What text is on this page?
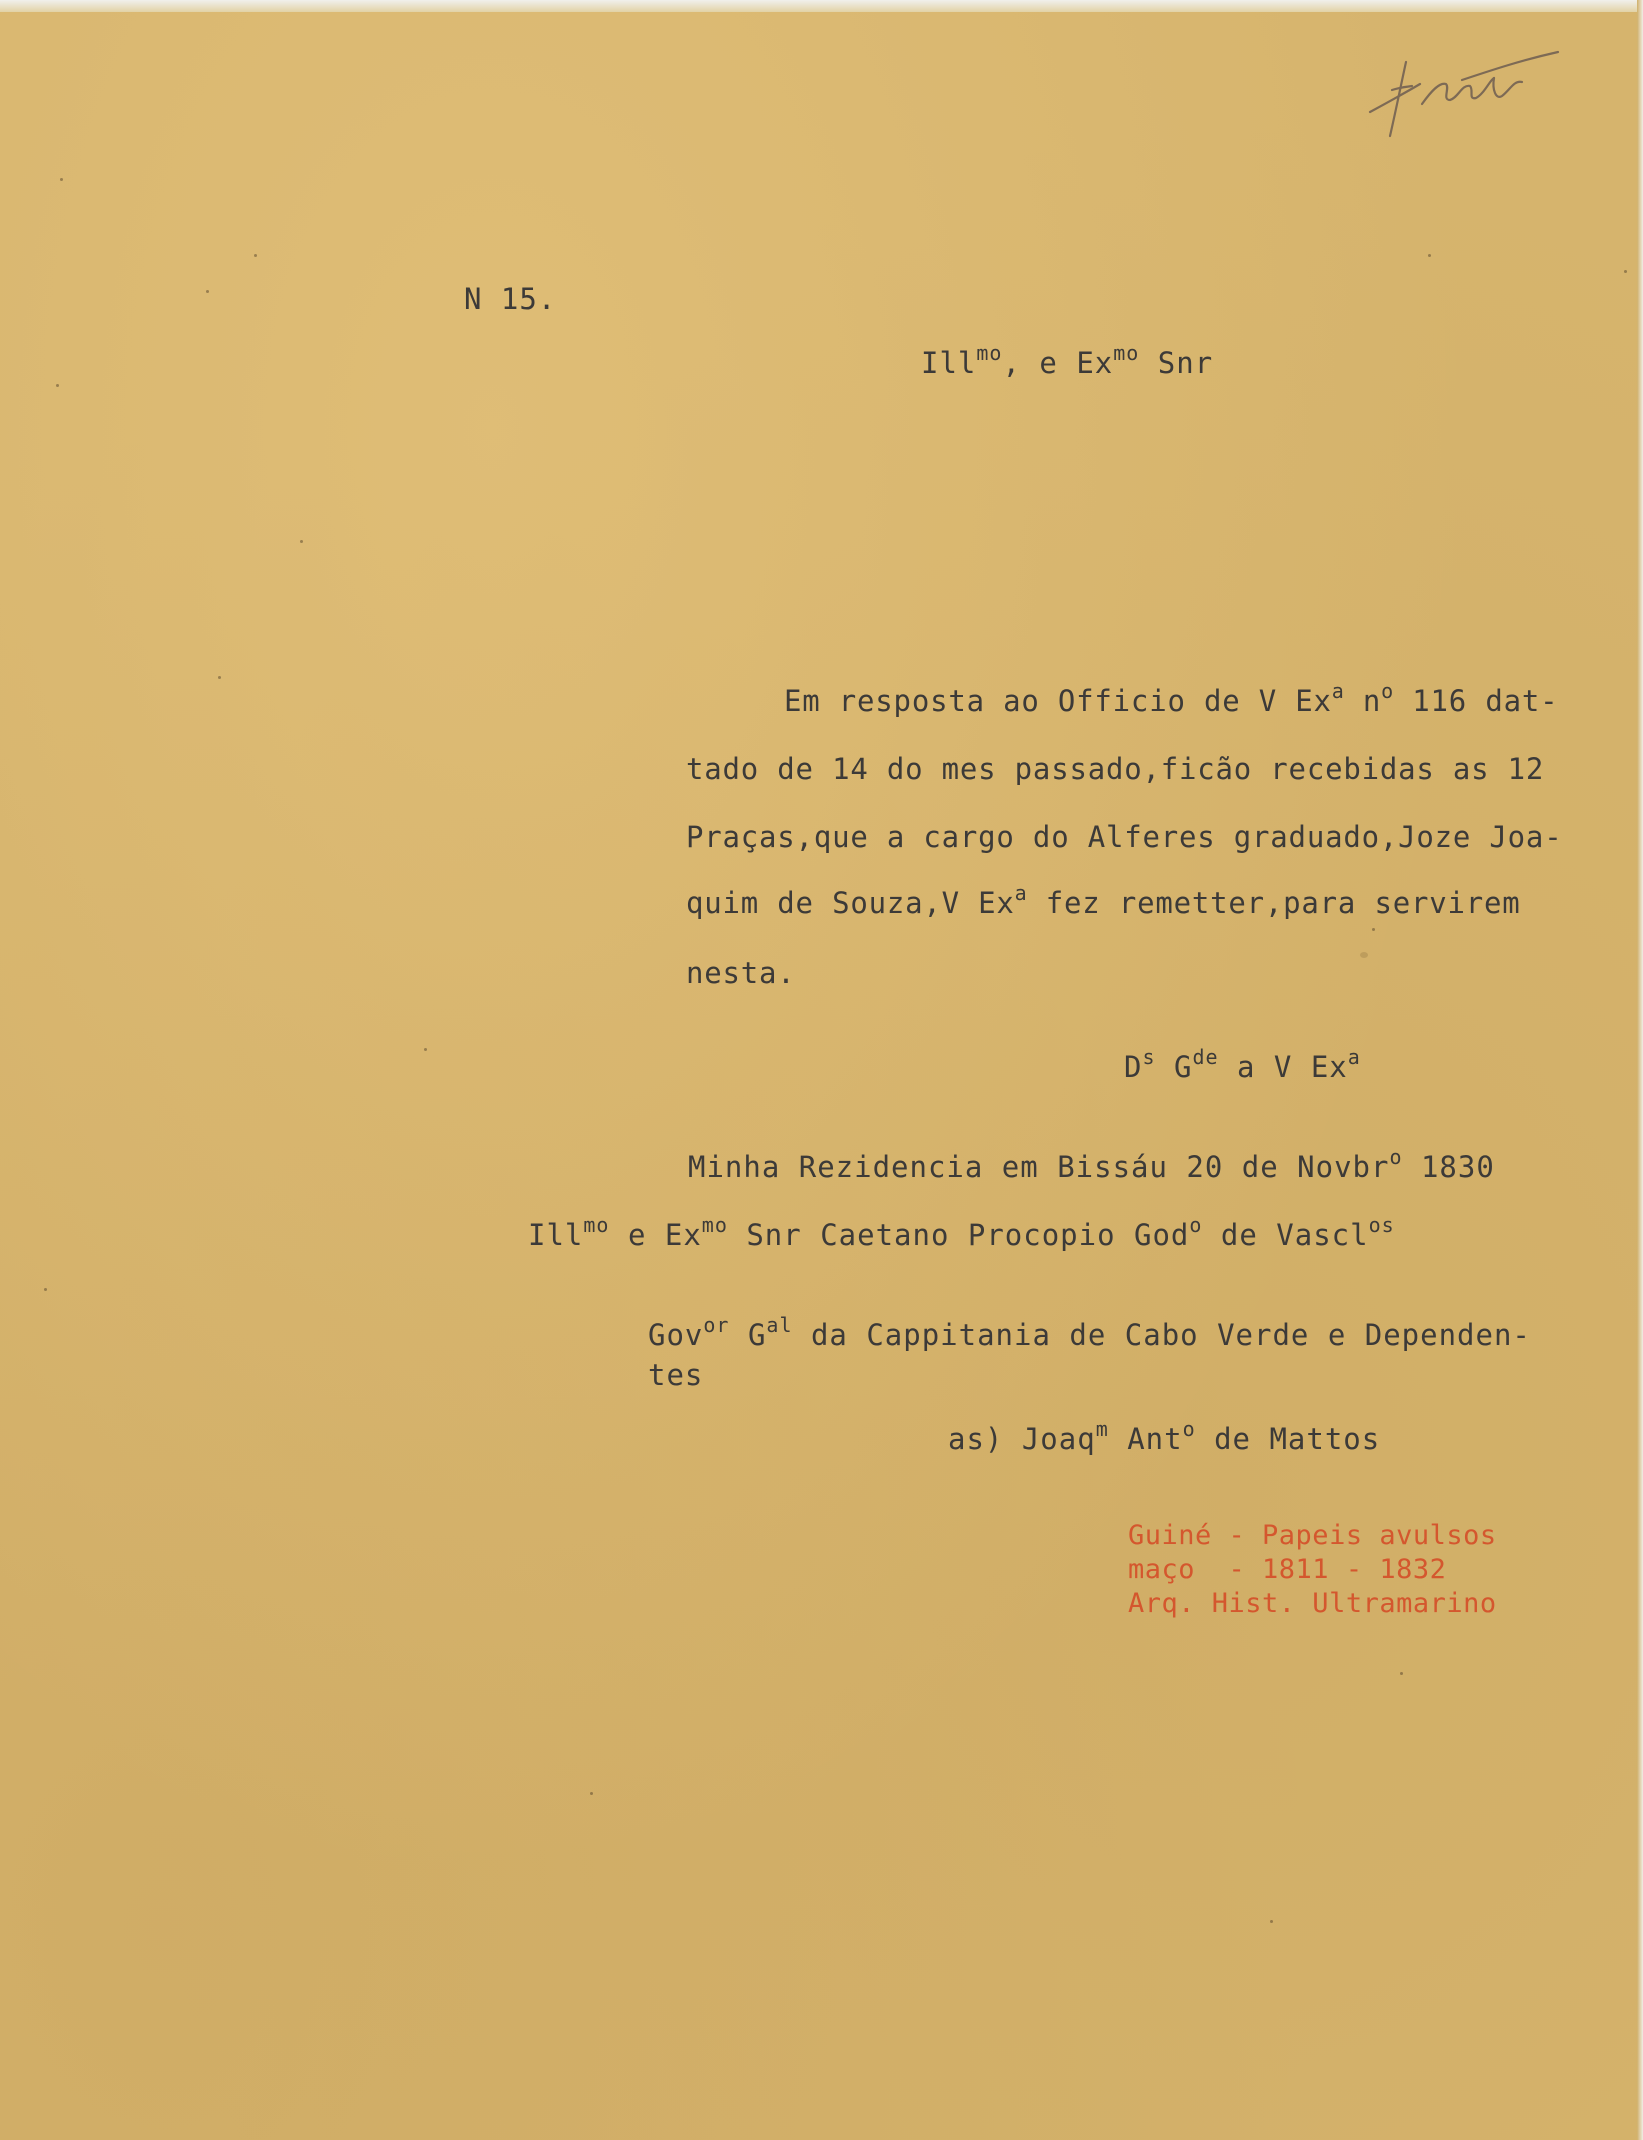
N 15.

Ill$^{mo}$, e $Ex^{mo}$ Snr

Em resposta ao Officio de V Ex$^a$ $n^o$ 116 dat-

tado de 14 do mes passado,ficão recebidas as 12

Praças,que a cargo do Alferes graduado,Joze Joa-

quim de Souza,V Ex$^a$ fez remetter,para servirem

nesta.

$D^s$ $G^{de}$ a V Ex$^a$

Minha Rezidencia em Bissáu 20 de Novbr$^o$ 1830

Ill$^{mo}$ e $Ex^{mo}$ Snr Caetano Procopio God$^o$ de Vascl$^{os}$

Gov$^{or}$ $G^{al}$ da Cappitania de Cabo Verde e Dependen-

tes

as) Joaq$^m$ Ant$^o$ de Mattos

Guiné - Papeis avulsos

maço  - 1811 - 1832

Arq. Hist. Ultramarino
